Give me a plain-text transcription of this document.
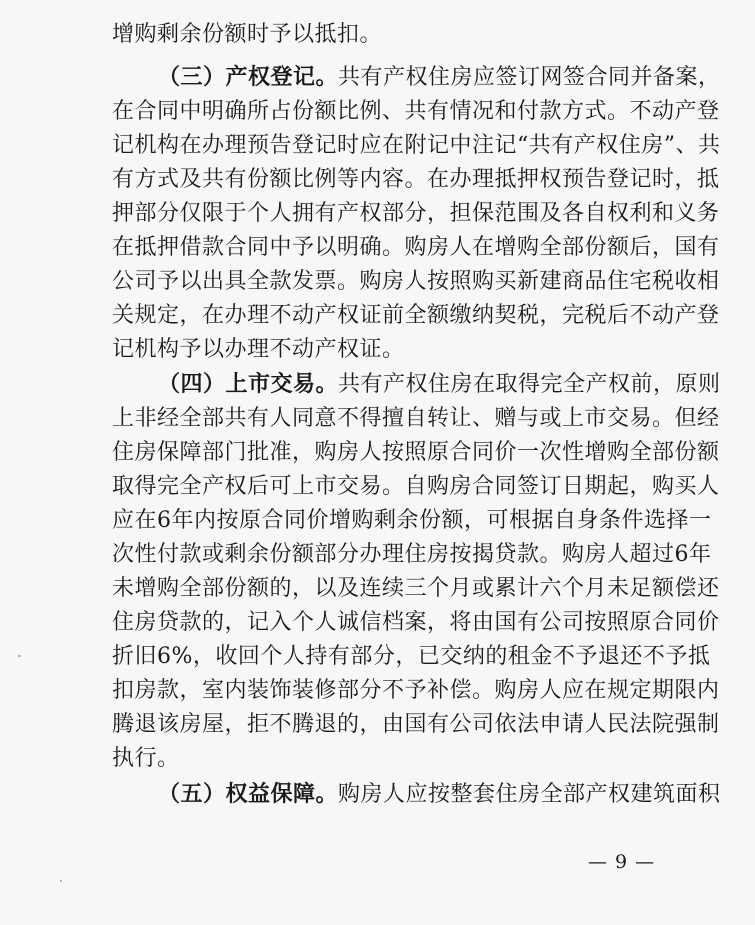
增购剩余份额时予以抵扣。
（三）产权登记。共有产权住房应签订网签合同并备案，
在合同中明确所占份额比例、共有情况和付款方式。不动产登
记机构在办理预告登记时应在附记中注记“共有产权住房”、共
有方式及共有份额比例等内容。在办理抵押权预告登记时，抵
押部分仅限于个人拥有产权部分，担保范围及各自权利和义务
在抵押借款合同中予以明确。购房人在增购全部份额后，国有
公司予以出具全款发票。购房人按照购买新建商品住宅税收相
关规定，在办理不动产权证前全额缴纳契税，完税后不动产登
记机构予以办理不动产权证。
（四）上市交易。共有产权住房在取得完全产权前，原则
上非经全部共有人同意不得擅自转让、赠与或上市交易。但经
住房保障部门批准，购房人按照原合同价一次性增购全部份额
取得完全产权后可上市交易。自购房合同签订日期起，购买人
应在6年内按原合同价增购剩余份额，可根据自身条件选择一
次性付款或剩余份额部分办理住房按揭贷款。购房人超过6年
未增购全部份额的，以及连续三个月或累计六个月未足额偿还
住房贷款的，记入个人诚信档案，将由国有公司按照原合同价
折旧6%，收回个人持有部分，已交纳的租金不予退还不予抵
扣房款，室内装饰装修部分不予补偿。购房人应在规定期限内
腾退该房屋，拒不腾退的，由国有公司依法申请人民法院强制
执行。
（五）权益保障。购房人应按整套住房全部产权建筑面积
— 9 —
